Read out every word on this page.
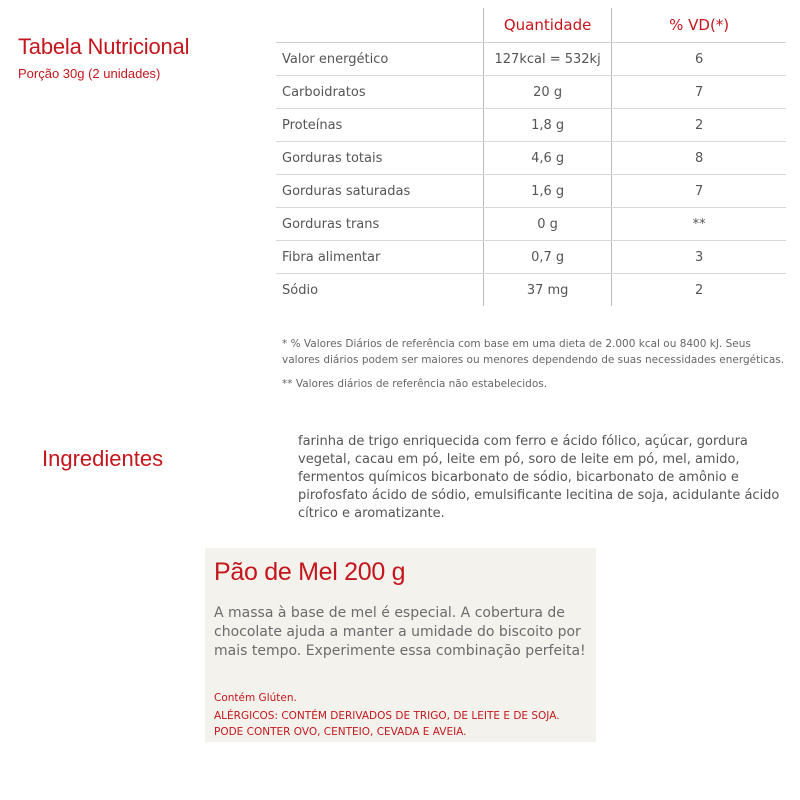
Tabela Nutricional
Porção 30g (2 unidades)
	Quantidade	% VD(*)
Valor energético	127kcal = 532kj	6
Carboidratos	20 g	7
Proteínas	1,8 g	2
Gorduras totais	4,6 g	8
Gorduras saturadas	1,6 g	7
Gorduras trans	0 g	**
Fibra alimentar	0,7 g	3
Sódio	37 mg	2

* % Valores Diários de referência com base em uma dieta de 2.000 kcal ou 8400 kJ. Seus valores diários podem ser maiores ou menores dependendo de suas necessidades energéticas.

** Valores diários de referência não estabelecidos.

Ingredientes
farinha de trigo enriquecida com ferro e ácido fólico, açúcar, gordura vegetal, cacau em pó, leite em pó, soro de leite em pó, mel, amido, fermentos químicos bicarbonato de sódio, bicarbonato de amônio e pirofosfato ácido de sódio, emulsificante lecitina de soja, acidulante ácido cítrico e aromatizante.
Pão de Mel 200 g

A massa à base de mel é especial. A cobertura de chocolate ajuda a manter a umidade do biscoito por mais tempo. Experimente essa combinação perfeita!

Contém Glúten.
ALÉRGICOS: CONTÉM DERIVADOS DE TRIGO, DE LEITE E DE SOJA. PODE CONTER OVO, CENTEIO, CEVADA E AVEIA.
